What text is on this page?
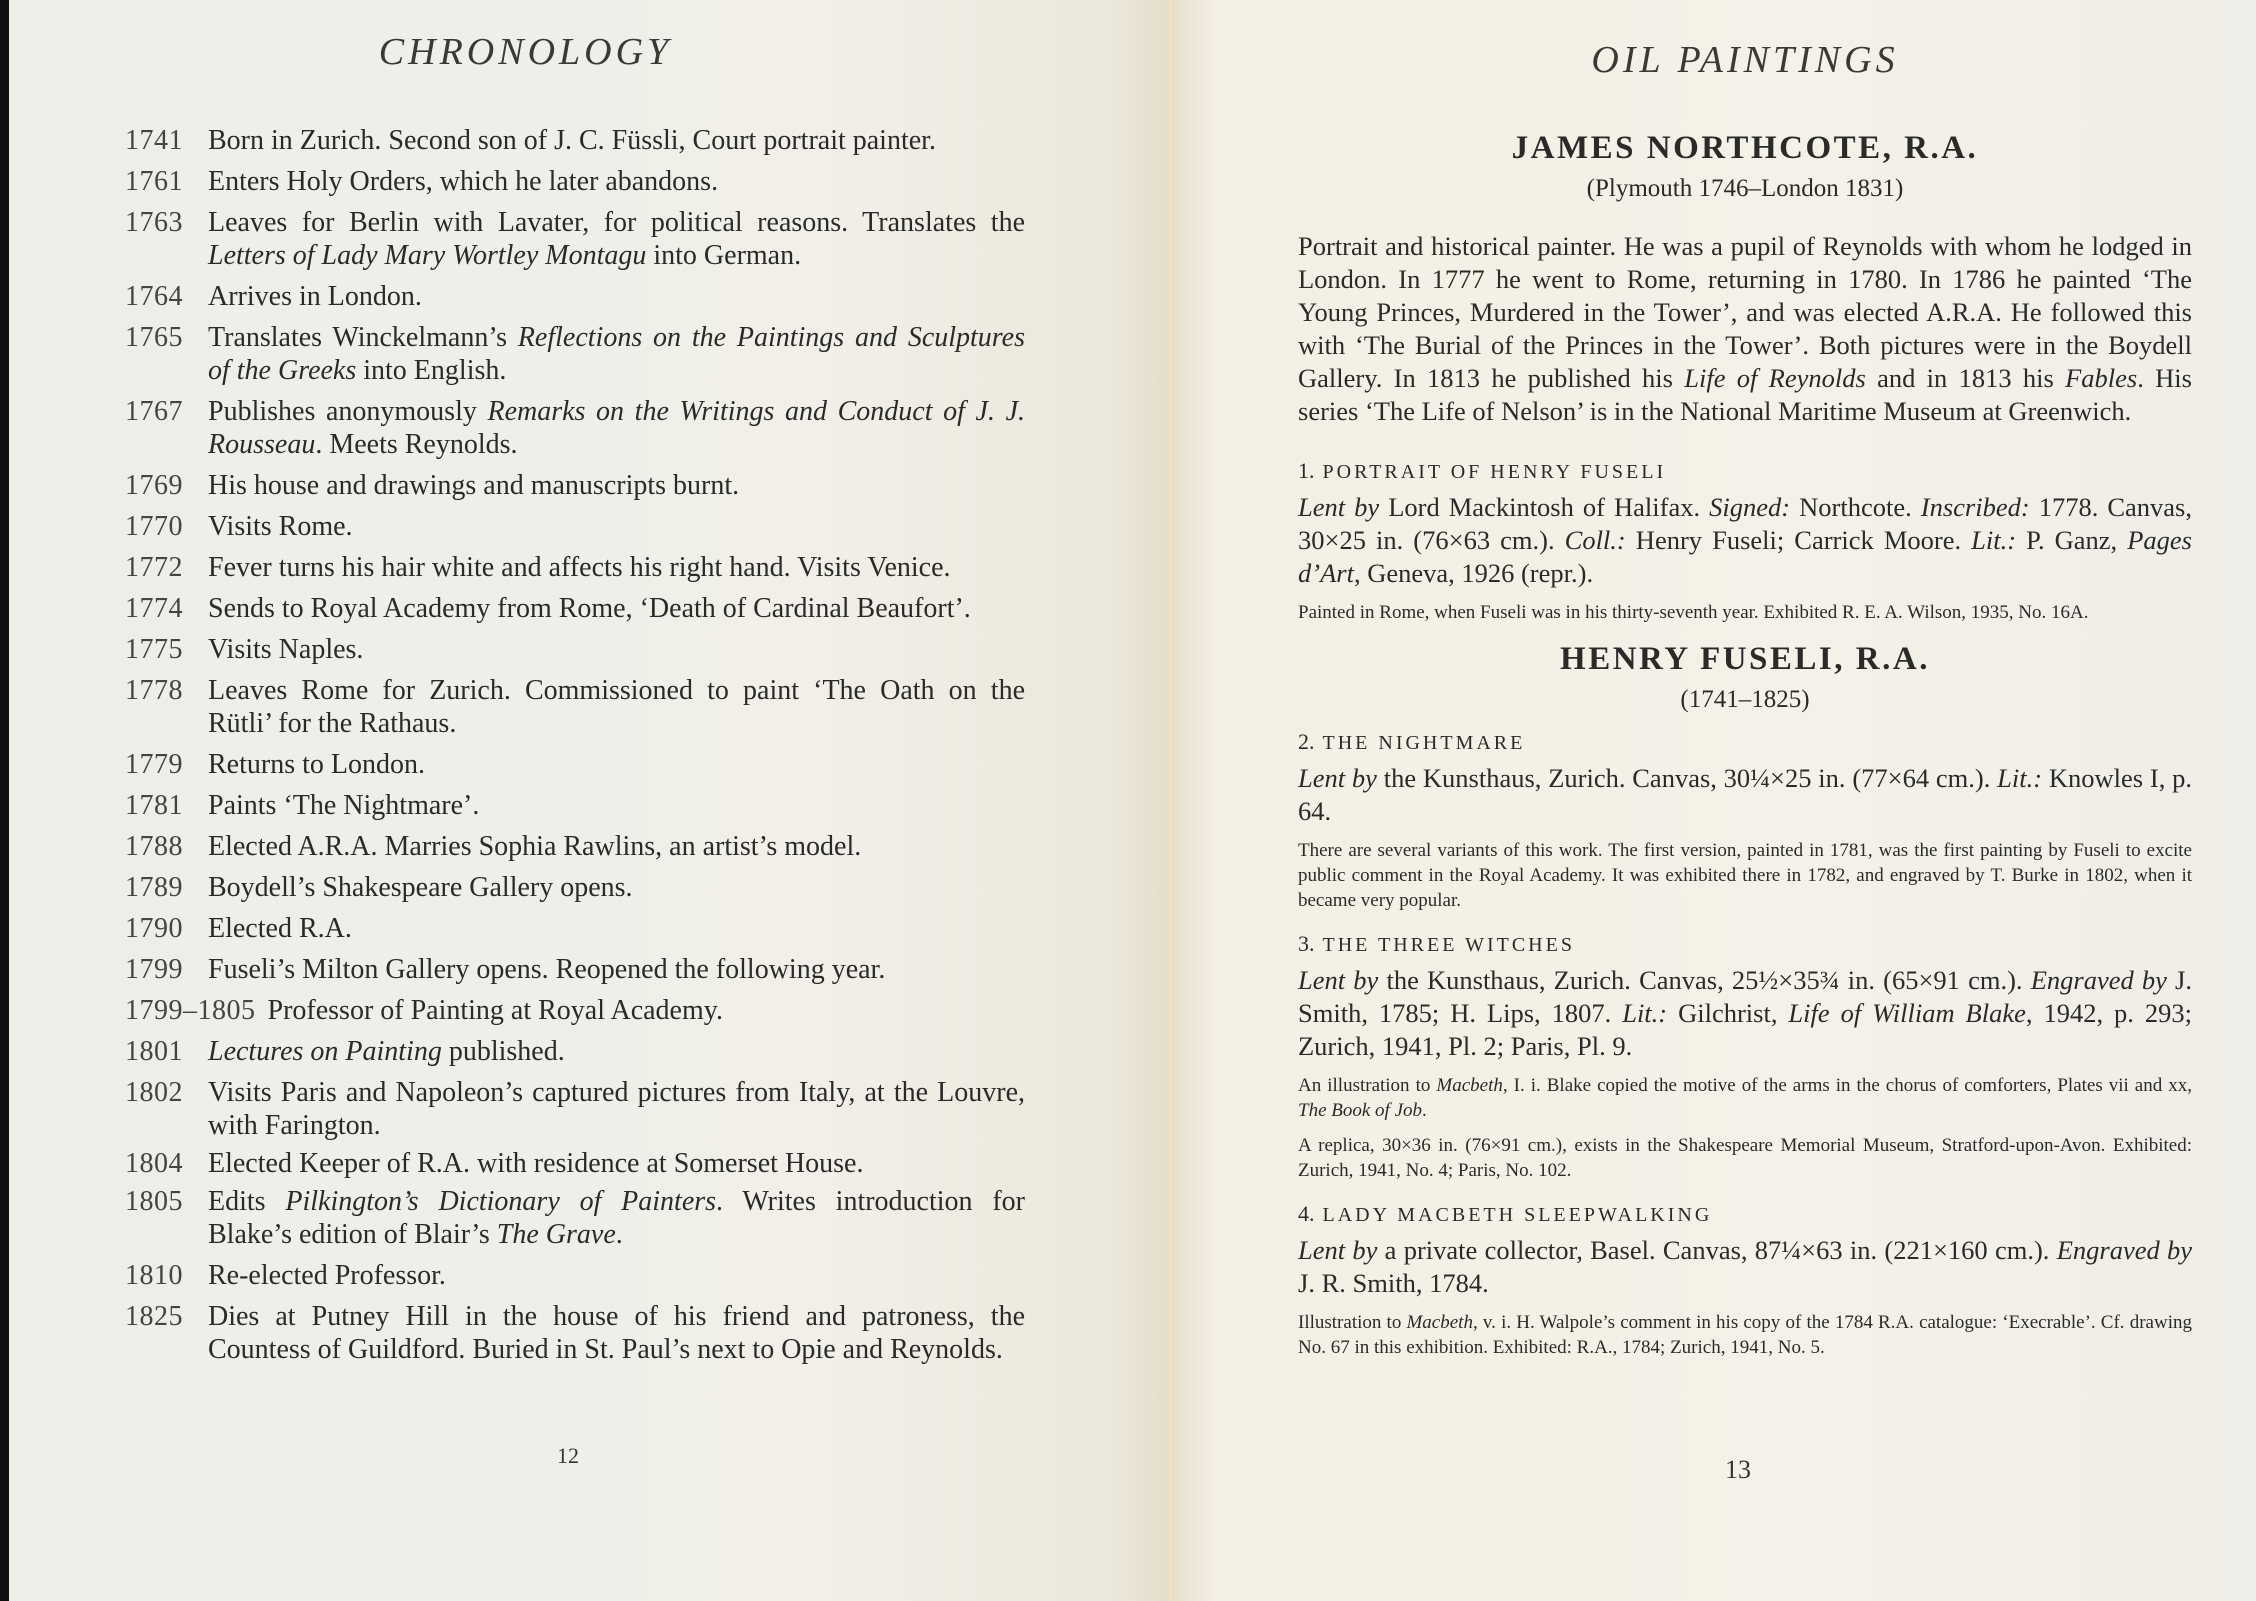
CHRONOLOGY
1741 Born in Zurich. Second son of J. C. Füssli, Court portrait painter.
1761 Enters Holy Orders, which he later abandons.
1763 Leaves for Berlin with Lavater, for political reasons. Translates the Letters of Lady Mary Wortley Montagu into German.
1764 Arrives in London.
1765 Translates Winckelmann’s Reflections on the Paintings and Sculptures of the Greeks into English.
1767 Publishes anonymously Remarks on the Writings and Conduct of J. J. Rousseau. Meets Reynolds.
1769 His house and drawings and manuscripts burnt.
1770 Visits Rome.
1772 Fever turns his hair white and affects his right hand. Visits Venice.
1774 Sends to Royal Academy from Rome, ‘Death of Cardinal Beaufort’.
1775 Visits Naples.
1778 Leaves Rome for Zurich. Commissioned to paint ‘The Oath on the Rütli’ for the Rathaus.
1779 Returns to London.
1781 Paints ‘The Nightmare’.
1788 Elected A.R.A. Marries Sophia Rawlins, an artist’s model.
1789 Boydell’s Shakespeare Gallery opens.
1790 Elected R.A.
1799 Fuseli’s Milton Gallery opens. Reopened the following year.
1799–1805 Professor of Painting at Royal Academy.
1801 Lectures on Painting published.
1802 Visits Paris and Napoleon’s captured pictures from Italy, at the Louvre, with Farington.
1804 Elected Keeper of R.A. with residence at Somerset House.
1805 Edits Pilkington’s Dictionary of Painters. Writes introduction for Blake’s edition of Blair’s The Grave.
1810 Re-elected Professor.
1825 Dies at Putney Hill in the house of his friend and patroness, the Countess of Guildford. Buried in St. Paul’s next to Opie and Reynolds.
12
OIL PAINTINGS
JAMES NORTHCOTE, R.A.
(Plymouth 1746–London 1831)

Portrait and historical painter. He was a pupil of Reynolds with whom he lodged in London. In 1777 he went to Rome, returning in 1780. In 1786 he painted ‘The Young Princes, Murdered in the Tower’, and was elected A.R.A. He followed this with ‘The Burial of the Princes in the Tower’. Both pictures were in the Boydell Gallery. In 1813 he published his Life of Reynolds and in 1813 his Fables. His series ‘The Life of Nelson’ is in the National Maritime Museum at Greenwich.

1. PORTRAIT OF HENRY FUSELI

Lent by Lord Mackintosh of Halifax. Signed: Northcote. Inscribed: 1778. Canvas, 30×25 in. (76×63 cm.). Coll.: Henry Fuseli; Carrick Moore. Lit.: P. Ganz, Pages d’Art, Geneva, 1926 (repr.).

Painted in Rome, when Fuseli was in his thirty-seventh year. Exhibited R. E. A. Wilson, 1935, No. 16A.

HENRY FUSELI, R.A.
(1741–1825)
2. THE NIGHTMARE

Lent by the Kunsthaus, Zurich. Canvas, 30¼×25 in. (77×64 cm.). Lit.: Knowles I, p. 64.

There are several variants of this work. The first version, painted in 1781, was the first painting by Fuseli to excite public comment in the Royal Academy. It was exhibited there in 1782, and engraved by T. Burke in 1802, when it became very popular.

3. THE THREE WITCHES

Lent by the Kunsthaus, Zurich. Canvas, 25½×35¾ in. (65×91 cm.). Engraved by J. Smith, 1785; H. Lips, 1807. Lit.: Gilchrist, Life of William Blake, 1942, p. 293; Zurich, 1941, Pl. 2; Paris, Pl. 9.

An illustration to Macbeth, I. i. Blake copied the motive of the arms in the chorus of comforters, Plates vii and xx, The Book of Job.

A replica, 30×36 in. (76×91 cm.), exists in the Shakespeare Memorial Museum, Stratford-upon-Avon. Exhibited: Zurich, 1941, No. 4; Paris, No. 102.

4. LADY MACBETH SLEEPWALKING

Lent by a private collector, Basel. Canvas, 87¼×63 in. (221×160 cm.). Engraved by J. R. Smith, 1784.

Illustration to Macbeth, v. i. H. Walpole’s comment in his copy of the 1784 R.A. catalogue: ‘Execrable’. Cf. drawing No. 67 in this exhibition. Exhibited: R.A., 1784; Zurich, 1941, No. 5.

13
